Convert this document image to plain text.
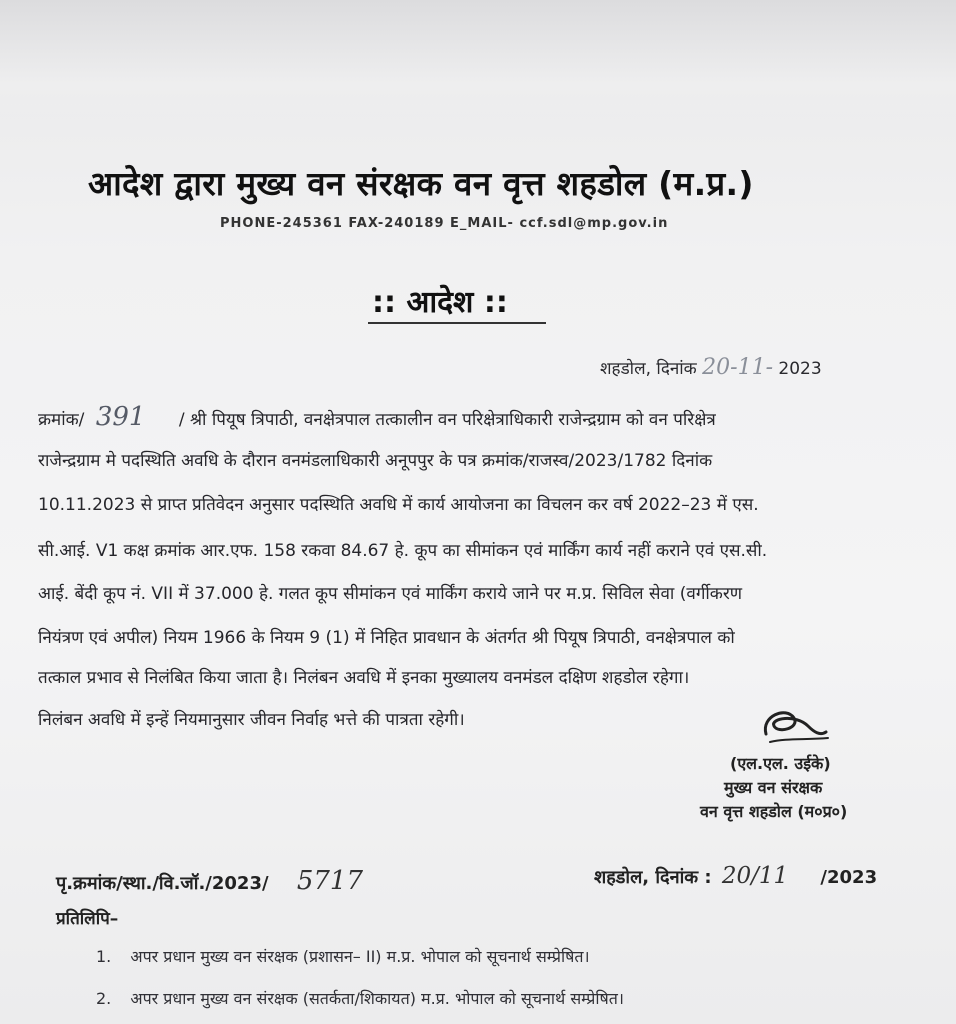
आदेश द्वारा मुख्य वन संरक्षक वन वृत्त शहडोल (म.प्र.)
PHONE-245361 FAX-240189 E_MAIL- ccf.sdl@mp.gov.in
:: आदेश ::
शहडोल, दिनांक 20-11- 2023
क्रमांक/ 391 / श्री पियूष त्रिपाठी, वनक्षेत्रपाल तत्कालीन वन परिक्षेत्राधिकारी राजेन्द्रग्राम को वन परिक्षेत्र
राजेन्द्रग्राम मे पदस्थिति अवधि के दौरान वनमंडलाधिकारी अनूपपुर के पत्र क्रमांक/राजस्व/2023/1782 दिनांक
10.11.2023 से प्राप्त प्रतिवेदन अनुसार पदस्थिति अवधि में कार्य आयोजना का विचलन कर वर्ष 2022–23 में एस.
सी.आई. V1 कक्ष क्रमांक आर.एफ. 158 रकवा 84.67 हे. कूप का सीमांकन एवं मार्किंग कार्य नहीं कराने एवं एस.सी.
आई. बेंदी कूप नं. VII में 37.000 हे. गलत कूप सीमांकन एवं मार्किंग कराये जाने पर म.प्र. सिविल सेवा (वर्गीकरण
नियंत्रण एवं अपील) नियम 1966 के नियम 9 (1) में निहित प्रावधान के अंतर्गत श्री पियूष त्रिपाठी, वनक्षेत्रपाल को
तत्काल प्रभाव से निलंबित किया जाता है। निलंबन अवधि में इनका मुख्यालय वनमंडल दक्षिण शहडोल रहेगा।
निलंबन अवधि में इन्हें नियमानुसार जीवन निर्वाह भत्ते की पात्रता रहेगी।
(एल.एल. उईके)
मुख्य वन संरक्षक
वन वृत्त शहडोल (म०प्र०)
पृ.क्रमांक/स्था./वि.जॉ./2023/ 5717	शहडोल, दिनांक : 20/11 /2023
प्रतिलिपि–
1. अपर प्रधान मुख्य वन संरक्षक (प्रशासन– II) म.प्र. भोपाल को सूचनार्थ सम्प्रेषित।
2. अपर प्रधान मुख्य वन संरक्षक (सतर्कता/शिकायत) म.प्र. भोपाल को सूचनार्थ सम्प्रेषित।
